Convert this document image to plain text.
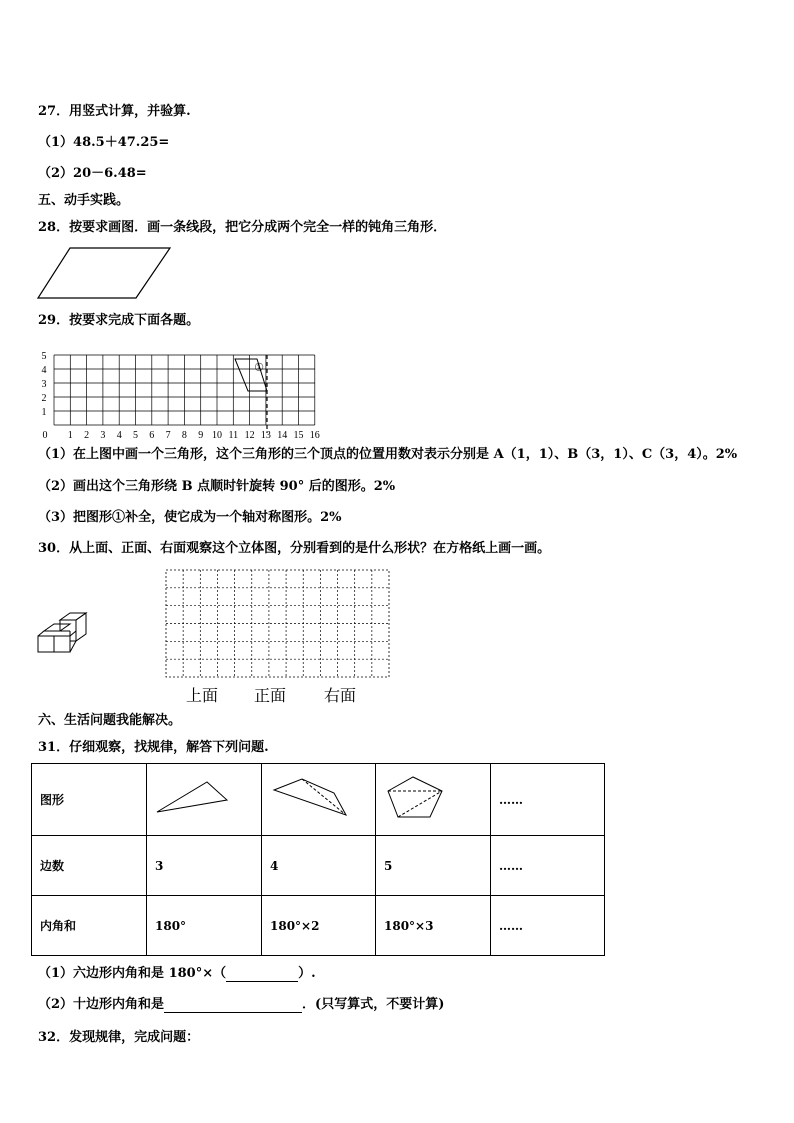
27．用竖式计算，并验算.
（1）48.5＋47.25=
（2）20－6.48=
五、动手实践。
28．按要求画图．画一条线段，把它分成两个完全一样的钝角三角形．
29．按要求完成下面各题。
1
2
3
4
5
0 1 2 3 4 5 6 7 8 9 10 11 12 13 14 15 16
①
（1）在上图中画一个三角形，这个三角形的三个顶点的位置用数对表示分别是 A（1，1）、B（3，1）、C（3，4）。2%
（2）画出这个三角形绕 B 点顺时针旋转 90° 后的图形。2%
（3）把图形①补全，使它成为一个轴对称图形。2%
30．从上面、正面、右面观察这个立体图，分别看到的是什么形状？在方格纸上画一画。
上面 正面 右面
六、生活问题我能解决。
31．仔细观察，找规律，解答下列问题.
图形				……
边数	3	4	5	……
内角和	180°	180°×2	180°×3	……
（1）六边形内角和是 180°×（	）.
（2）十边形内角和是	．(只写算式，不要计算)
32．发现规律，完成问题：
